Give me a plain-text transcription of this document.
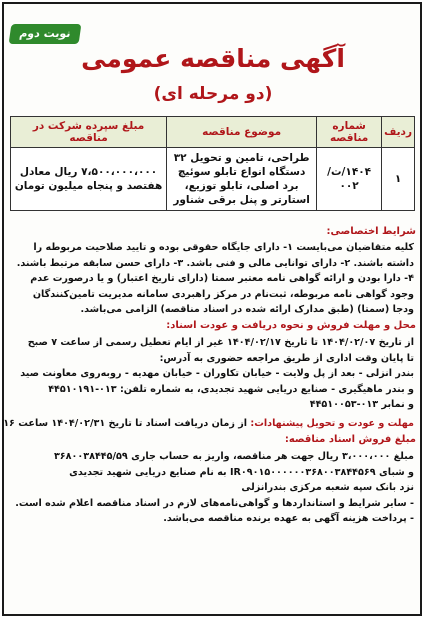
نوبت دوم
آگهی مناقصه عمومی
(دو مرحله ای)
ردیف	شماره مناقصه	موضوع مناقصه	مبلغ سپرده شرکت در مناقصه
۱	۱۴۰۴/ت/۰۰۲	طراحی، تامین و تحویل ۳۲ دستگاه انواع تابلو سوئیچ برد اصلی، تابلو توزیع، استارتر و پنل برقی شناور	۷،۵۰۰،۰۰۰،۰۰۰ ریال معادل هفتصد و پنجاه میلیون تومان
شرایط اختصاصی:
کلیه متقاضیان می‌بایست ۱- دارای جایگاه حقوقی بوده و تایید صلاحیت مربوطه را
داشته باشند. ۲- دارای توانایی مالی و فنی باشد. ۳- دارای حسن سابقه مرتبط باشند.
۴- دارا بودن و ارائه گواهی نامه معتبر سمتا (دارای تاریخ اعتبار) و یا درصورت عدم
وجود گواهی نامه مربوطه، ثبت‌نام در مرکز راهبردی سامانه مدیریت تامین‌کنندگان
ودجا (سمتا) (طبق مدارک ارائه شده در اسناد مناقصه) الزامی می‌باشد.
محل و مهلت فروش و نحوه دریافت و عودت اسناد:
از تاریخ ۱۴۰۴/۰۲/۰۷ تا تاریخ ۱۴۰۴/۰۲/۱۷ غیر از ایام تعطیل رسمی از ساعت ۷ صبح
تا پایان وقت اداری از طریق مراجعه حضوری به آدرس:
بندر انزلی - بعد از پل ولایت - خیابان تکاوران - خیابان مهدیه - روبه‌روی معاونت صید
و بندر ماهیگیری - صنایع دریایی شهید تجدیدی، به شماره تلفن: ۰۱۳-۴۴۵۱۰۱۹۱
و نمابر ۰۱۳-۴۴۵۱۰۰۵۳
مهلت و عودت و تحویل پیشنهادات: از زمان دریافت اسناد تا تاریخ ۱۴۰۴/۰۲/۳۱ ساعت ۱۶
مبلغ فروش اسناد مناقصه:
مبلغ ۳،۰۰۰،۰۰۰ ریال جهت هر مناقصه، واریز به حساب جاری ۳۶۸۰۰۳۸۴۴۵/۵۹
و شبای IR۰۹۰۱۵۰۰۰۰۰۰۳۶۸۰۰۳۸۴۴۵۶۹ به نام صنایع دریایی شهید تجدیدی
نزد بانک سپه شعبه مرکزی بندرانزلی
- سایر شرایط و استانداردها و گواهی‌نامه‌های لازم در اسناد مناقصه اعلام شده است.
- پرداخت هزینه آگهی به عهده برنده مناقصه می‌باشد.
